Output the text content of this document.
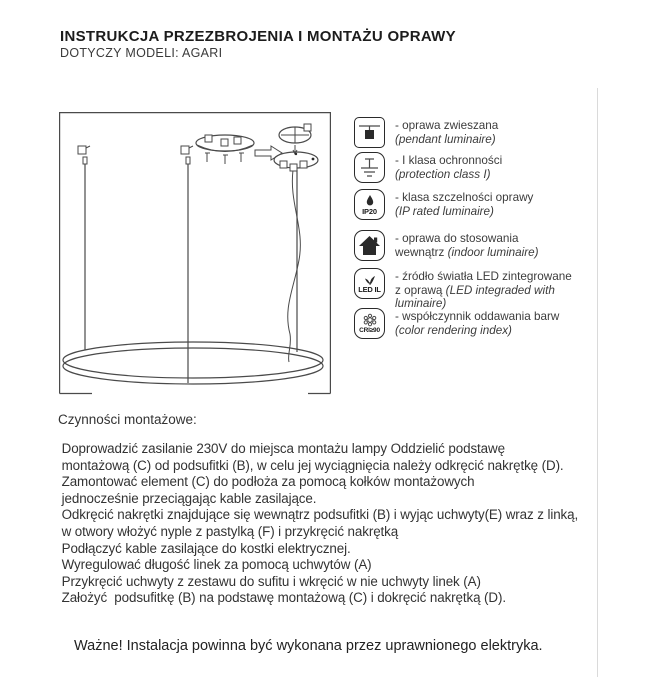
INSTRUKCJA PRZEZBROJENIA I MONTAŻU OPRAWY
DOTYCZY MODELI: AGARI
- oprawa zwieszana
(pendant luminaire)
- I klasa ochronności
(protection class I)
IP20
- klasa szczelności oprawy
(IP rated luminaire)
- oprawa do stosowania
wewnątrz (indoor luminaire)
LED IL
- źródło światła LED zintegrowane
z oprawą (LED integraded with
luminaire)
CRI≥90
- współczynnik oddawania barw
(color rendering index)
Czynności montażowe:
Doprowadzić zasilanie 230V do miejsca montażu lampy Oddzielić podstawę
montażową (C) od podsufitki (B), w celu jej wyciągnięcia należy odkręcić nakrętkę (D).
Zamontować element (C) do podłoża za pomocą kołków montażowych
jednocześnie przeciągając kable zasilające.
Odkręcić nakrętki znajdujące się wewnątrz podsufitki (B) i wyjąc uchwyty(E) wraz z linką,
w otwory włożyć nyple z pastylką (F) i przykręcić nakrętką
Podłączyć kable zasilające do kostki elektrycznej.
Wyregulować długość linek za pomocą uchwytów (A)
Przykręcić uchwyty z zestawu do sufitu i wkręcić w nie uchwyty linek (A)
Założyć  podsufitkę (B) na podstawę montażową (C) i dokręcić nakrętką (D).
Ważne! Instalacja powinna być wykonana przez uprawnionego elektryka.
